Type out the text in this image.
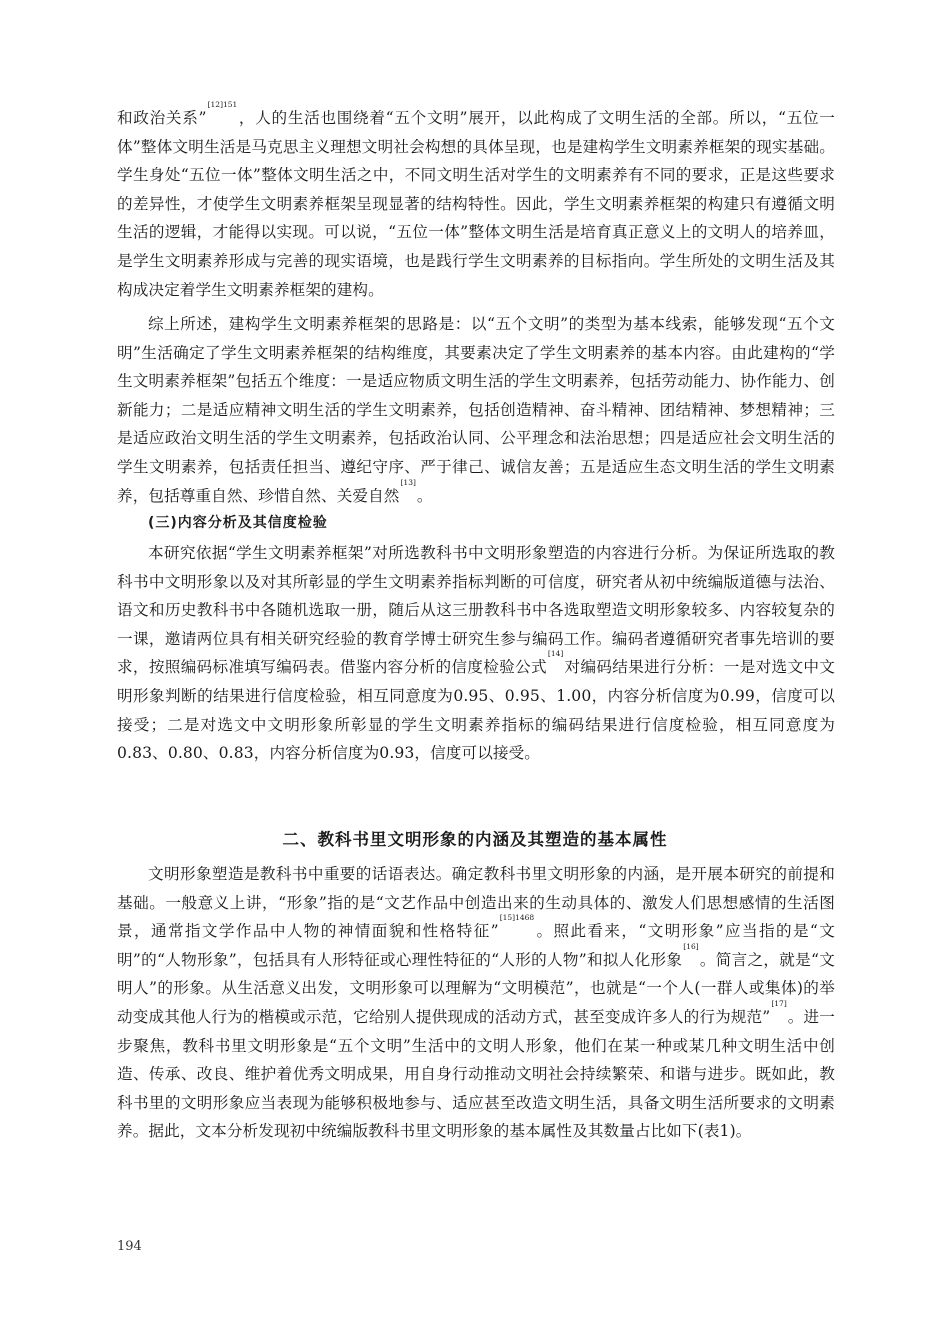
和政治关系”$^{[12]151}$，人的生活也围绕着“五个文明”展开，以此构成了文明生活的全部。所以，“五位一体”整体文明生活是马克思主义理想文明社会构想的具体呈现，也是建构学生文明素养框架的现实基础。学生身处“五位一体”整体文明生活之中，不同文明生活对学生的文明素养有不同的要求，正是这些要求的差异性，才使学生文明素养框架呈现显著的结构特性。因此，学生文明素养框架的构建只有遵循文明生活的逻辑，才能得以实现。可以说，“五位一体”整体文明生活是培育真正意义上的文明人的培养皿，是学生文明素养形成与完善的现实语境，也是践行学生文明素养的目标指向。学生所处的文明生活及其构成决定着学生文明素养框架的建构。

综上所述，建构学生文明素养框架的思路是：以“五个文明”的类型为基本线索，能够发现“五个文明”生活确定了学生文明素养框架的结构维度，其要素决定了学生文明素养的基本内容。由此建构的“学生文明素养框架”包括五个维度：一是适应物质文明生活的学生文明素养，包括劳动能力、协作能力、创新能力；二是适应精神文明生活的学生文明素养，包括创造精神、奋斗精神、团结精神、梦想精神；三是适应政治文明生活的学生文明素养，包括政治认同、公平理念和法治思想；四是适应社会文明生活的学生文明素养，包括责任担当、遵纪守序、严于律己、诚信友善；五是适应生态文明生活的学生文明素养，包括尊重自然、珍惜自然、关爱自然[13]。

(三)内容分析及其信度检验

本研究依据“学生文明素养框架”对所选教科书中文明形象塑造的内容进行分析。为保证所选取的教科书中文明形象以及对其所彰显的学生文明素养指标判断的可信度，研究者从初中统编版道德与法治、语文和历史教科书中各随机选取一册，随后从这三册教科书中各选取塑造文明形象较多、内容较复杂的一课，邀请两位具有相关研究经验的教育学博士研究生参与编码工作。编码者遵循研究者事先培训的要求，按照编码标准填写编码表。借鉴内容分析的信度检验公式[14]对编码结果进行分析：一是对选文中文明形象判断的结果进行信度检验，相互同意度为0.95、0.95、1.00，内容分析信度为0.99，信度可以接受；二是对选文中文明形象所彰显的学生文明素养指标的编码结果进行信度检验，相互同意度为0.83、0.80、0.83，内容分析信度为0.93，信度可以接受。

二、教科书里文明形象的内涵及其塑造的基本属性

文明形象塑造是教科书中重要的话语表达。确定教科书里文明形象的内涵，是开展本研究的前提和基础。一般意义上讲，“形象”指的是“文艺作品中创造出来的生动具体的、激发人们思想感情的生活图景，通常指文学作品中人物的神情面貌和性格特征”$^{[15]1468}$。照此看来，“文明形象”应当指的是“文明”的“人物形象”，包括具有人形特征或心理性特征的“人形的人物”和拟人化形象[16]。简言之，就是“文明人”的形象。从生活意义出发，文明形象可以理解为“文明模范”，也就是“一个人(一群人或集体)的举动变成其他人行为的楷模或示范，它给别人提供现成的活动方式，甚至变成许多人的行为规范”[17]。进一步聚焦，教科书里文明形象是“五个文明”生活中的文明人形象，他们在某一种或某几种文明生活中创造、传承、改良、维护着优秀文明成果，用自身行动推动文明社会持续繁荣、和谐与进步。既如此，教科书里的文明形象应当表现为能够积极地参与、适应甚至改造文明生活，具备文明生活所要求的文明素养。据此，文本分析发现初中统编版教科书里文明形象的基本属性及其数量占比如下(表1)。

194
